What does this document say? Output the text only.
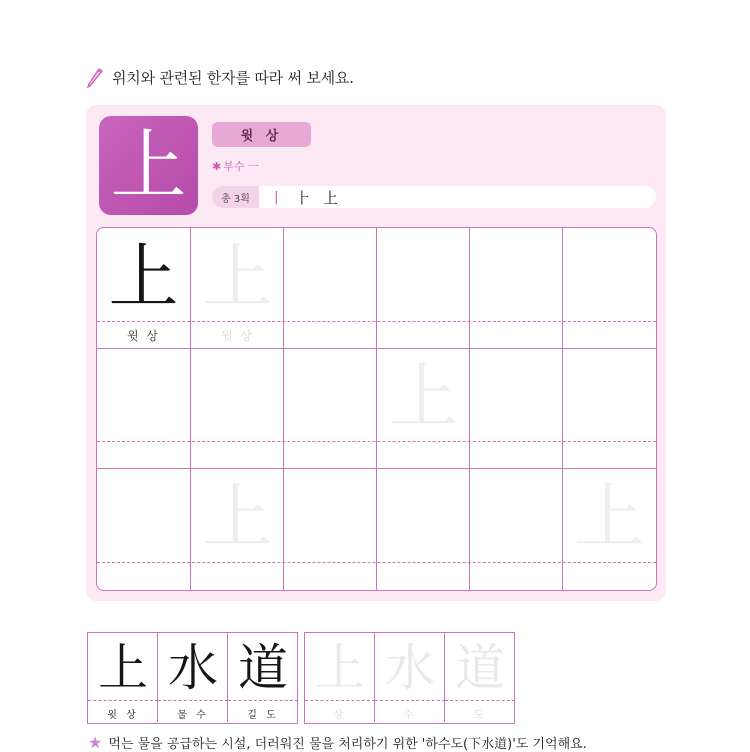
위치와 관련된 한자를 따라 써 보세요.
上	윗 상
✱ 부수 一
총 3획	丨 ⺊ 上
上
윗 상
上
윗 상
上
上	上
上
윗 상
水
물 수
道
길 도
上
상
水
수
道
도
★ 먹는 물을 공급하는 시설, 더러워진 물을 처리하기 위한 '하수도(下水道)'도 기억해요.
